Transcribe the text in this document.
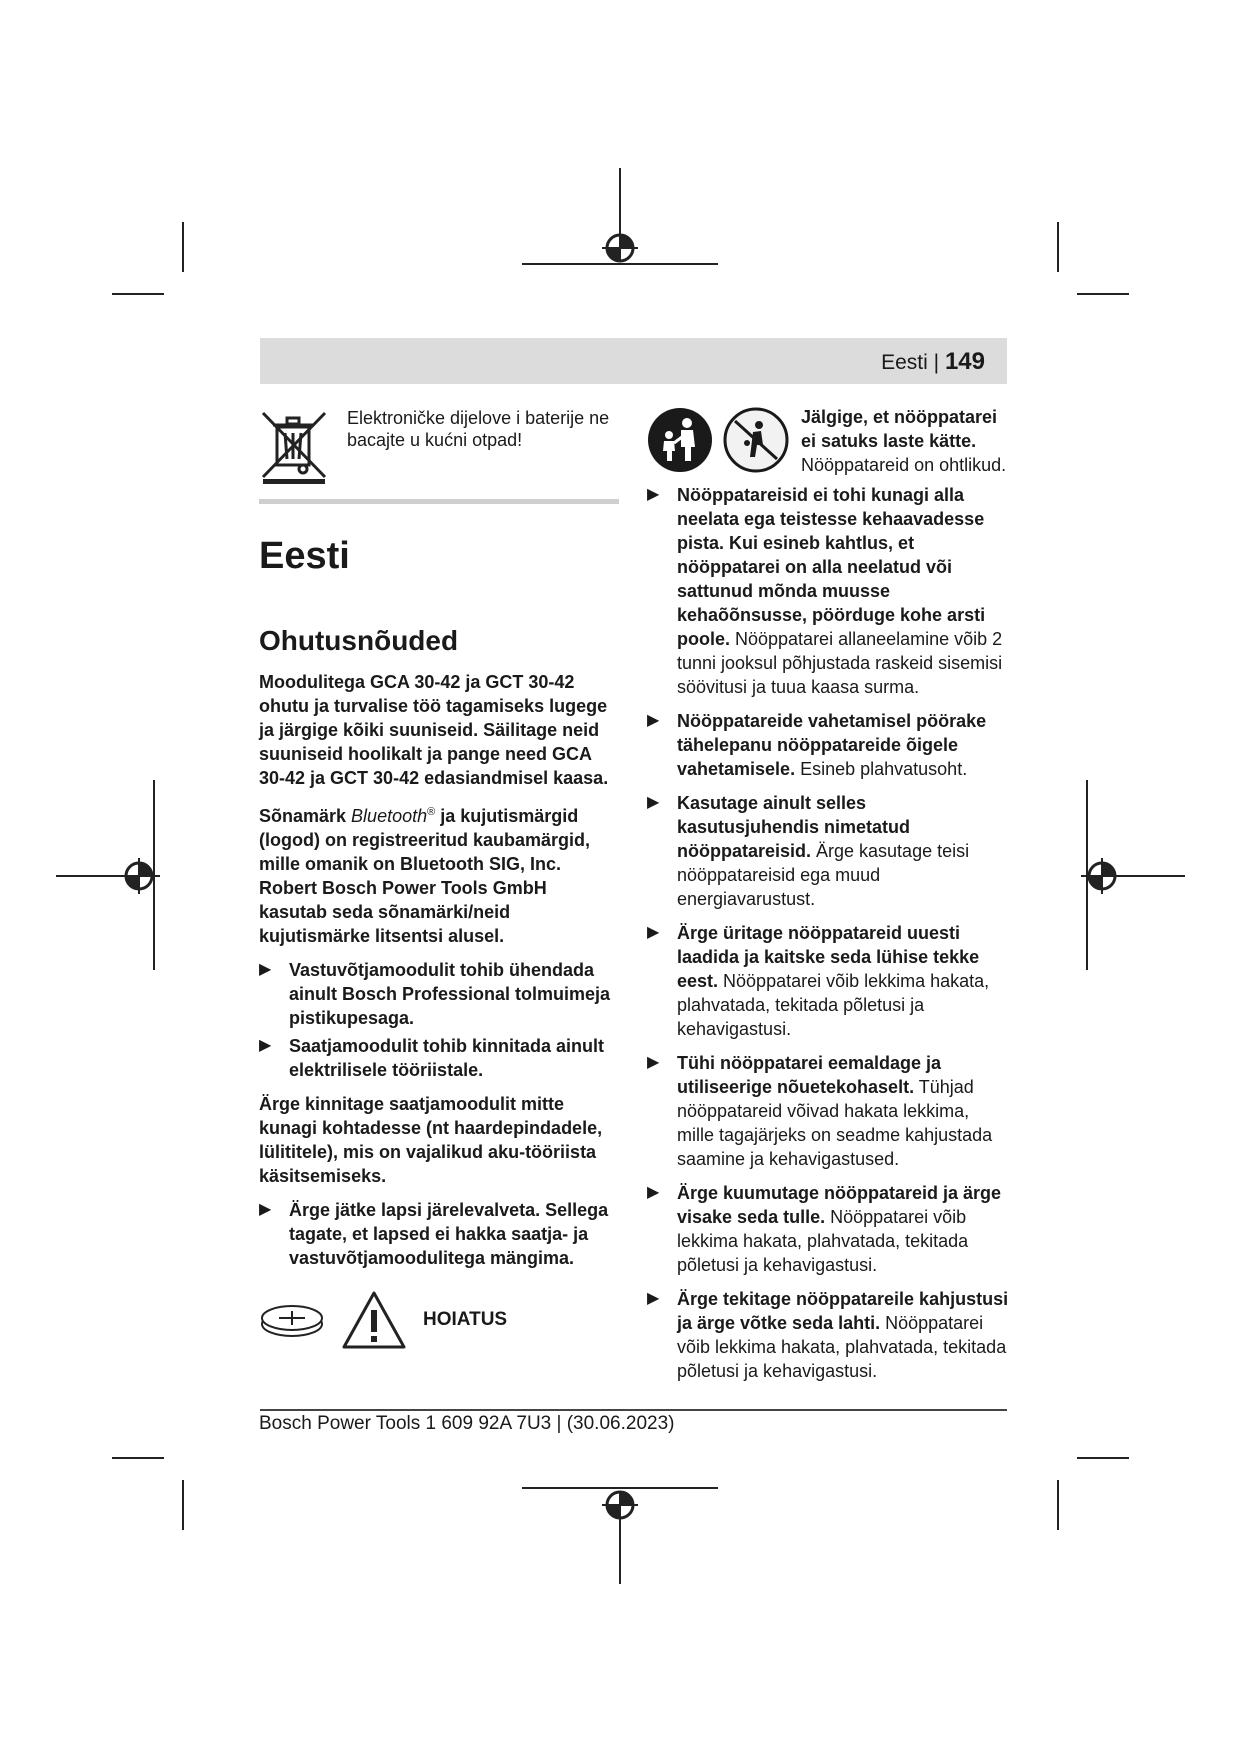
Eesti | 149
Elektroničke dijelove i baterije ne bacajte u kućni otpad!
Eesti
Ohutusnõuded

Moodulitega GCA 30-42 ja GCT 30-42 ohutu ja turvalise töö tagamiseks lugege ja järgige kõiki suuniseid. Säilitage neid suuniseid hoolikalt ja pange need GCA 30-42 ja GCT 30-42 edasiandmisel kaasa.

Sõnamärk Bluetooth® ja kujutismärgid (logod) on registreeritud kaubamärgid, mille omanik on Bluetooth SIG, Inc. Robert Bosch Power Tools GmbH kasutab seda sõnamärki/neid kujutismärke litsentsi alusel.

▶ Vastuvõtjamoodulit tohib ühendada ainult Bosch Professional tolmuimeja pistikupesaga.
▶ Saatjamoodulit tohib kinnitada ainult elektrilisele tööriistale.

Ärge kinnitage saatjamoodulit mitte kunagi kohtadesse (nt haardepindadele, lülititele), mis on vajalikud aku-tööriista käsitsemiseks.

▶ Ärge jätke lapsi järelevalveta. Sellega tagatе, et lapsed ei hakka saatja- ja vastuvõtjamoodulitega mängima.
HOIATUS
Jälgige, et nööppatarei ei satuks laste kätte. Nööppatareid on ohtlikud.
▶ Nööppatareisid ei tohi kunagi alla neelata ega teistesse kehaavadesse pista. Kui esineb kahtlus, et nööppatarei on alla neelatud või sattunud mõnda muusse kehaõõnsusse, pöörduge kohe arsti poole. Nööppatarei allaneelamine võib 2 tunni jooksul põhjustada raskeid sisemisi söövitusi ja tuua kaasa surma.
▶ Nööppatareide vahetamisel pöörake tähelepanu nööppatareide õigele vahetamisele. Esineb plahvatusoht.
▶ Kasutage ainult selles kasutusjuhendis nimetatud nööppatareisid. Ärge kasutage teisi nööppatareisid ega muud energiavarustust.
▶ Ärge üritage nööppatareid uuesti laadida ja kaitske seda lühise tekke eest. Nööppatarei võib lekkima hakata, plahvatada, tekitada põletusi ja kehavigastusi.
▶ Tühi nööppatarei eemaldage ja utiliseerige nõuetekohaselt. Tühjad nööppatareid võivad hakata lekkima, mille tagajärjeks on seadme kahjustada saamine ja kehavigastused.
▶ Ärge kuumutage nööppatareid ja ärge visake seda tulle. Nööppatarei võib lekkima hakata, plahvatada, tekitada põletusi ja kehavigastusi.
▶ Ärge tekitage nööppatareile kahjustusi ja ärge võtke seda lahti. Nööppatarei võib lekkima hakata, plahvatada, tekitada põletusi ja kehavigastusi.
Bosch Power Tools 1 609 92A 7U3 | (30.06.2023)
